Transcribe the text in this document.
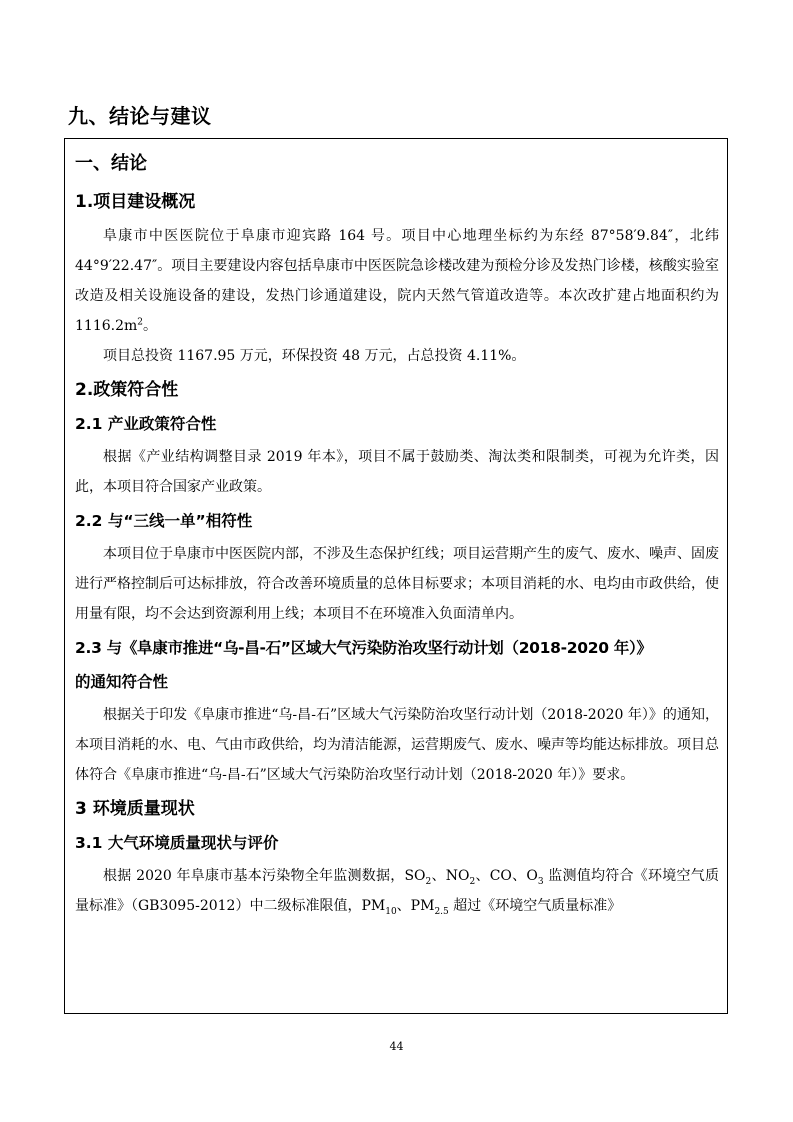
九、结论与建议
一、结论
1.项目建设概况

阜康市中医医院位于阜康市迎宾路 164 号。项目中心地理坐标约为东经 87°58′9.84″，北纬 44°9′22.47″。项目主要建设内容包括阜康市中医医院急诊楼改建为预检分诊及发热门诊楼，核酸实验室改造及相关设施设备的建设，发热门诊通道建设，院内天然气管道改造等。本次改扩建占地面积约为 $1116.2m^2$。

项目总投资 1167.95 万元，环保投资 48 万元，占总投资 4.11%。

2.政策符合性
2.1 产业政策符合性

根据《产业结构调整目录 2019 年本》，项目不属于鼓励类、淘汰类和限制类，可视为允许类，因此，本项目符合国家产业政策。

2.2 与“三线一单”相符性

本项目位于阜康市中医医院内部，不涉及生态保护红线；项目运营期产生的废气、废水、噪声、固废进行严格控制后可达标排放，符合改善环境质量的总体目标要求；本项目消耗的水、电均由市政供给，使用量有限，均不会达到资源利用上线；本项目不在环境准入负面清单内。

2.3 与《阜康市推进“乌-昌-石”区域大气污染防治攻坚行动计划（2018-2020 年）》
的通知符合性

根据关于印发《阜康市推进“乌-昌-石”区域大气污染防治攻坚行动计划（2018-2020 年）》的通知，本项目消耗的水、电、气由市政供给，均为清洁能源，运营期废气、废水、噪声等均能达标排放。项目总体符合《阜康市推进“乌-昌-石”区域大气污染防治攻坚行动计划（2018-2020 年）》要求。

3 环境质量现状
3.1 大气环境质量现状与评价

根据 2020 年阜康市基本污染物全年监测数据，$SO_2$、$NO_2$、CO、$O_3$ 监测值均符合《环境空气质量标准》（GB3095-2012）中二级标准限值，$PM_{10}$、$PM_{2.5}$ 超过《环境空气质量标准》

44
